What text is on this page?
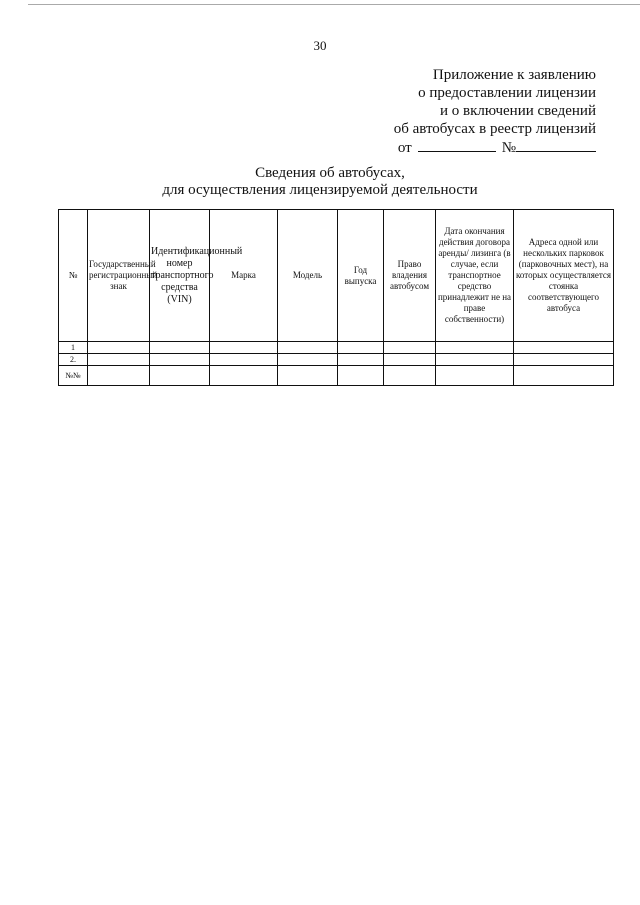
30
Приложение к заявлению
о предоставлении лицензии
и о включении сведений
об автобусах в реестр лицензий
от	№
Сведения об автобусах,
для осуществления лицензируемой деятельности
№	Государственный регистрационный знак	Идентификационный номер транспортного средства (VIN)	Марка	Модель	Год выпуска	Право владения автобусом	Дата окончания действия договора аренды/ лизинга (в случае, если транспортное средство принадлежит не на праве собственности)	Адреса одной или нескольких парковок (парковочных мест), на которых осуществляется стоянка соответствующего автобуса
1								
2.								
№№								
